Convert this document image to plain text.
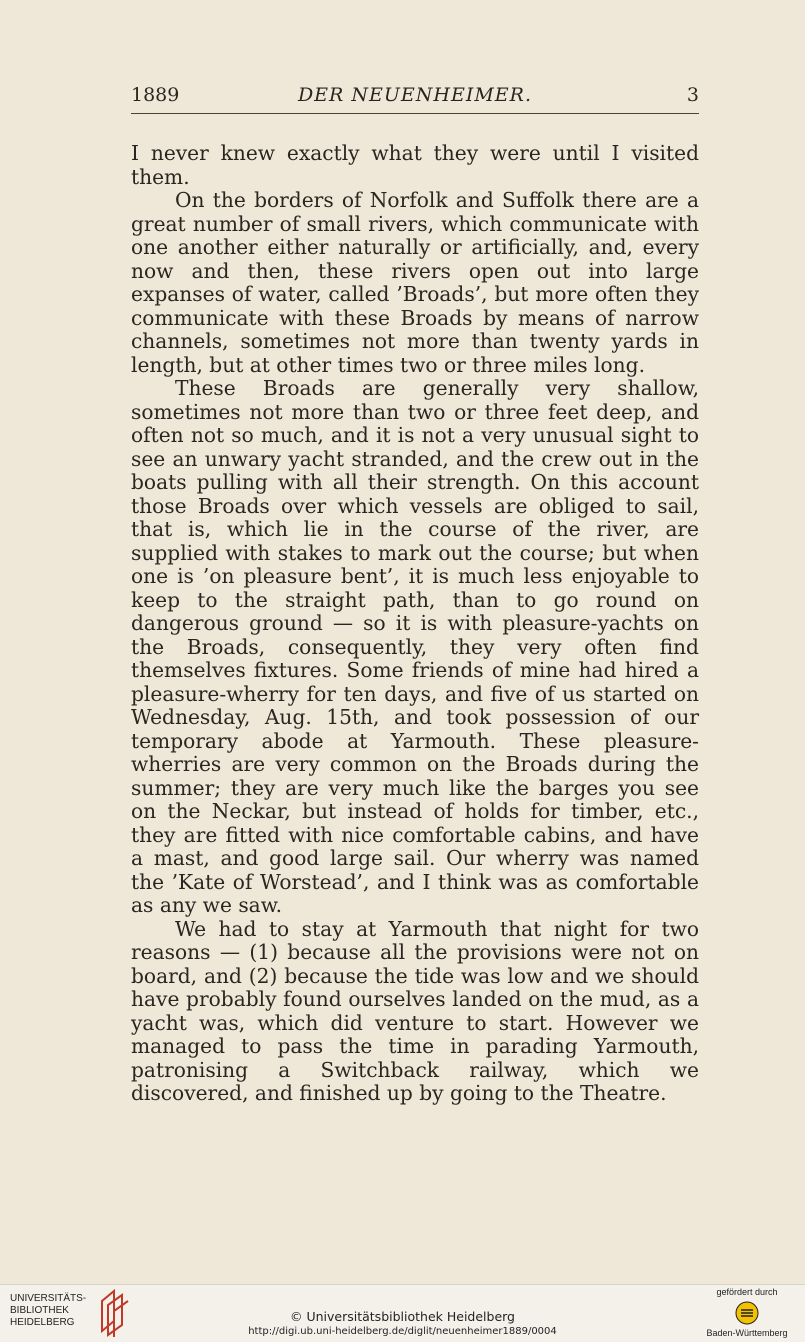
1889	DER NEUENHEIMER.	3

I never knew exactly what they were until I visited them.

On the borders of Norfolk and Suffolk there are a great number of small rivers, which communicate with one another either naturally or artificially, and, every now and then, these rivers open out into large expanses of water, called ’Broads’, but more often they communicate with these Broads by means of narrow channels, sometimes not more than twenty yards in length, but at other times two or three miles long.

These Broads are generally very shallow, sometimes not more than two or three feet deep, and often not so much, and it is not a very unusual sight to see an unwary yacht stranded, and the crew out in the boats pulling with all their strength. On this account those Broads over which vessels are obliged to sail, that is, which lie in the course of the river, are supplied with stakes to mark out the course; but when one is ’on pleasure bent’, it is much less enjoyable to keep to the straight path, than to go round on dangerous ground — so it is with pleasure-yachts on the Broads, consequently, they very often find themselves fixtures. Some friends of mine had hired a pleasure-wherry for ten days, and five of us started on Wednesday, Aug. 15th, and took possession of our temporary abode at Yarmouth. These pleasure-wherries are very common on the Broads during the summer; they are very much like the barges you see on the Neckar, but instead of holds for timber, etc., they are fitted with nice comfortable cabins, and have a mast, and good large sail. Our wherry was named the ’Kate of Worstead’, and I think was as comfortable as any we saw.

We had to stay at Yarmouth that night for two reasons — (1) because all the provisions were not on board, and (2) because the tide was low and we should have probably found ourselves landed on the mud, as a yacht was, which did venture to start. However we managed to pass the time in parading Yarmouth, patronising a Switchback railway, which we discovered, and finished up by going to the Theatre.

UNIVERSITÄTS-
BIBLIOTHEK
HEIDELBERG	© Universitätsbibliothek Heidelberg
http://digi.ub.uni-heidelberg.de/diglit/neuenheimer1889/0004
gefördert durch
Baden-Württemberg
